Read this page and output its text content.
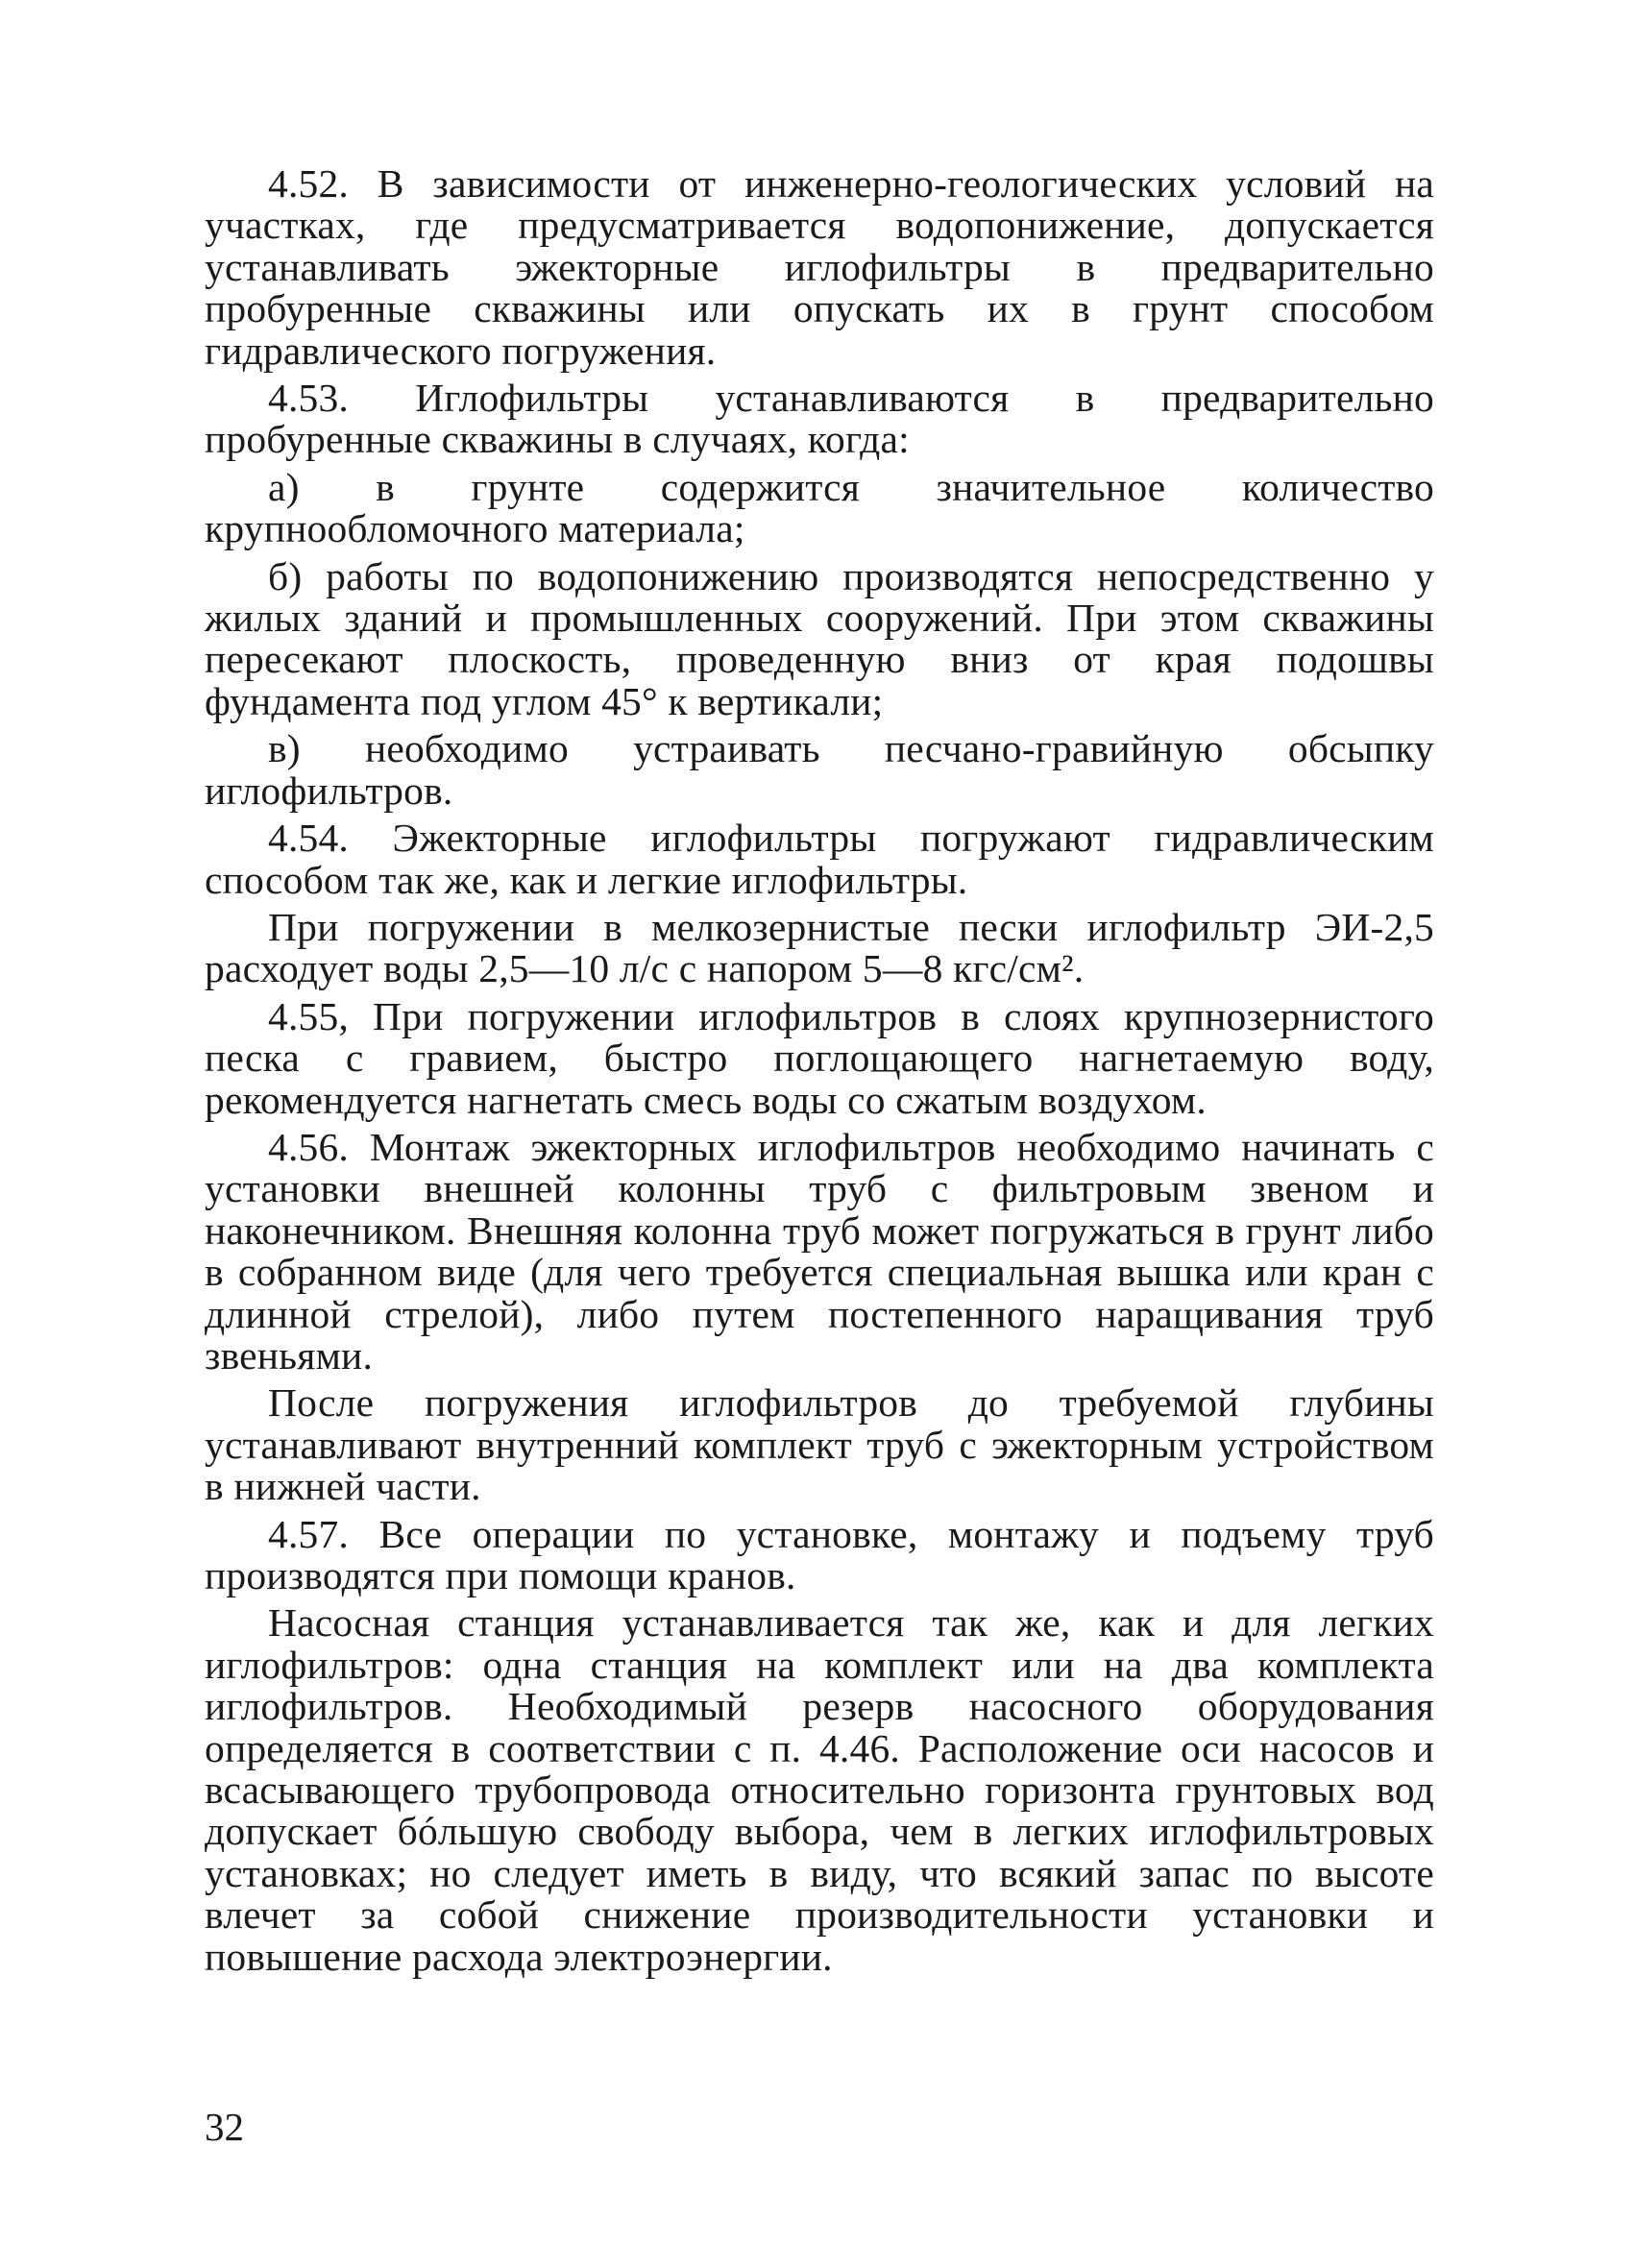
4.52. В зависимости от инженерно-геологических условий на участках, где предусматривается водопонижение, допускается устанавливать эжекторные иглофильтры в предварительно пробуренные скважины или опускать их в грунт способом гидравлического погружения.

4.53. Иглофильтры устанавливаются в предварительно пробуренные скважины в случаях, когда:

а) в грунте содержится значительное количество крупнообломочного материала;

б) работы по водопонижению производятся непосредственно у жилых зданий и промышленных сооружений. При этом скважины пересекают плоскость, проведенную вниз от края подошвы фундамента под углом 45° к вертикали;

в) необходимо устраивать песчано-гравийную обсыпку иглофильтров.

4.54. Эжекторные иглофильтры погружают гидравлическим способом так же, как и легкие иглофильтры.

При погружении в мелкозернистые пески иглофильтр ЭИ-2,5 расходует воды 2,5—10 л/с с напором 5—8 кгс/см².

4.55, При погружении иглофильтров в слоях крупнозернистого песка с гравием, быстро поглощающего нагнетаемую воду, рекомендуется нагнетать смесь воды со сжатым воздухом.

4.56. Монтаж эжекторных иглофильтров необходимо начинать с установки внешней колонны труб с фильтровым звеном и наконечником. Внешняя колонна труб может погружаться в грунт либо в собранном виде (для чего требуется специальная вышка или кран с длинной стрелой), либо путем постепенного наращивания труб звеньями.

После погружения иглофильтров до требуемой глубины устанавливают внутренний комплект труб с эжекторным устройством в нижней части.

4.57. Все операции по установке, монтажу и подъему труб производятся при помощи кранов.

Насосная станция устанавливается так же, как и для легких иглофильтров: одна станция на комплект или на два комплекта иглофильтров. Необходимый резерв насосного оборудования определяется в соответствии с п. 4.46. Расположение оси насосов и всасывающего трубопровода относительно горизонта грунтовых вод допускает бóльшую свободу выбора, чем в легких иглофильтровых установках; но следует иметь в виду, что всякий запас по высоте влечет за собой снижение производительности установки и повышение расхода электроэнергии.

32
